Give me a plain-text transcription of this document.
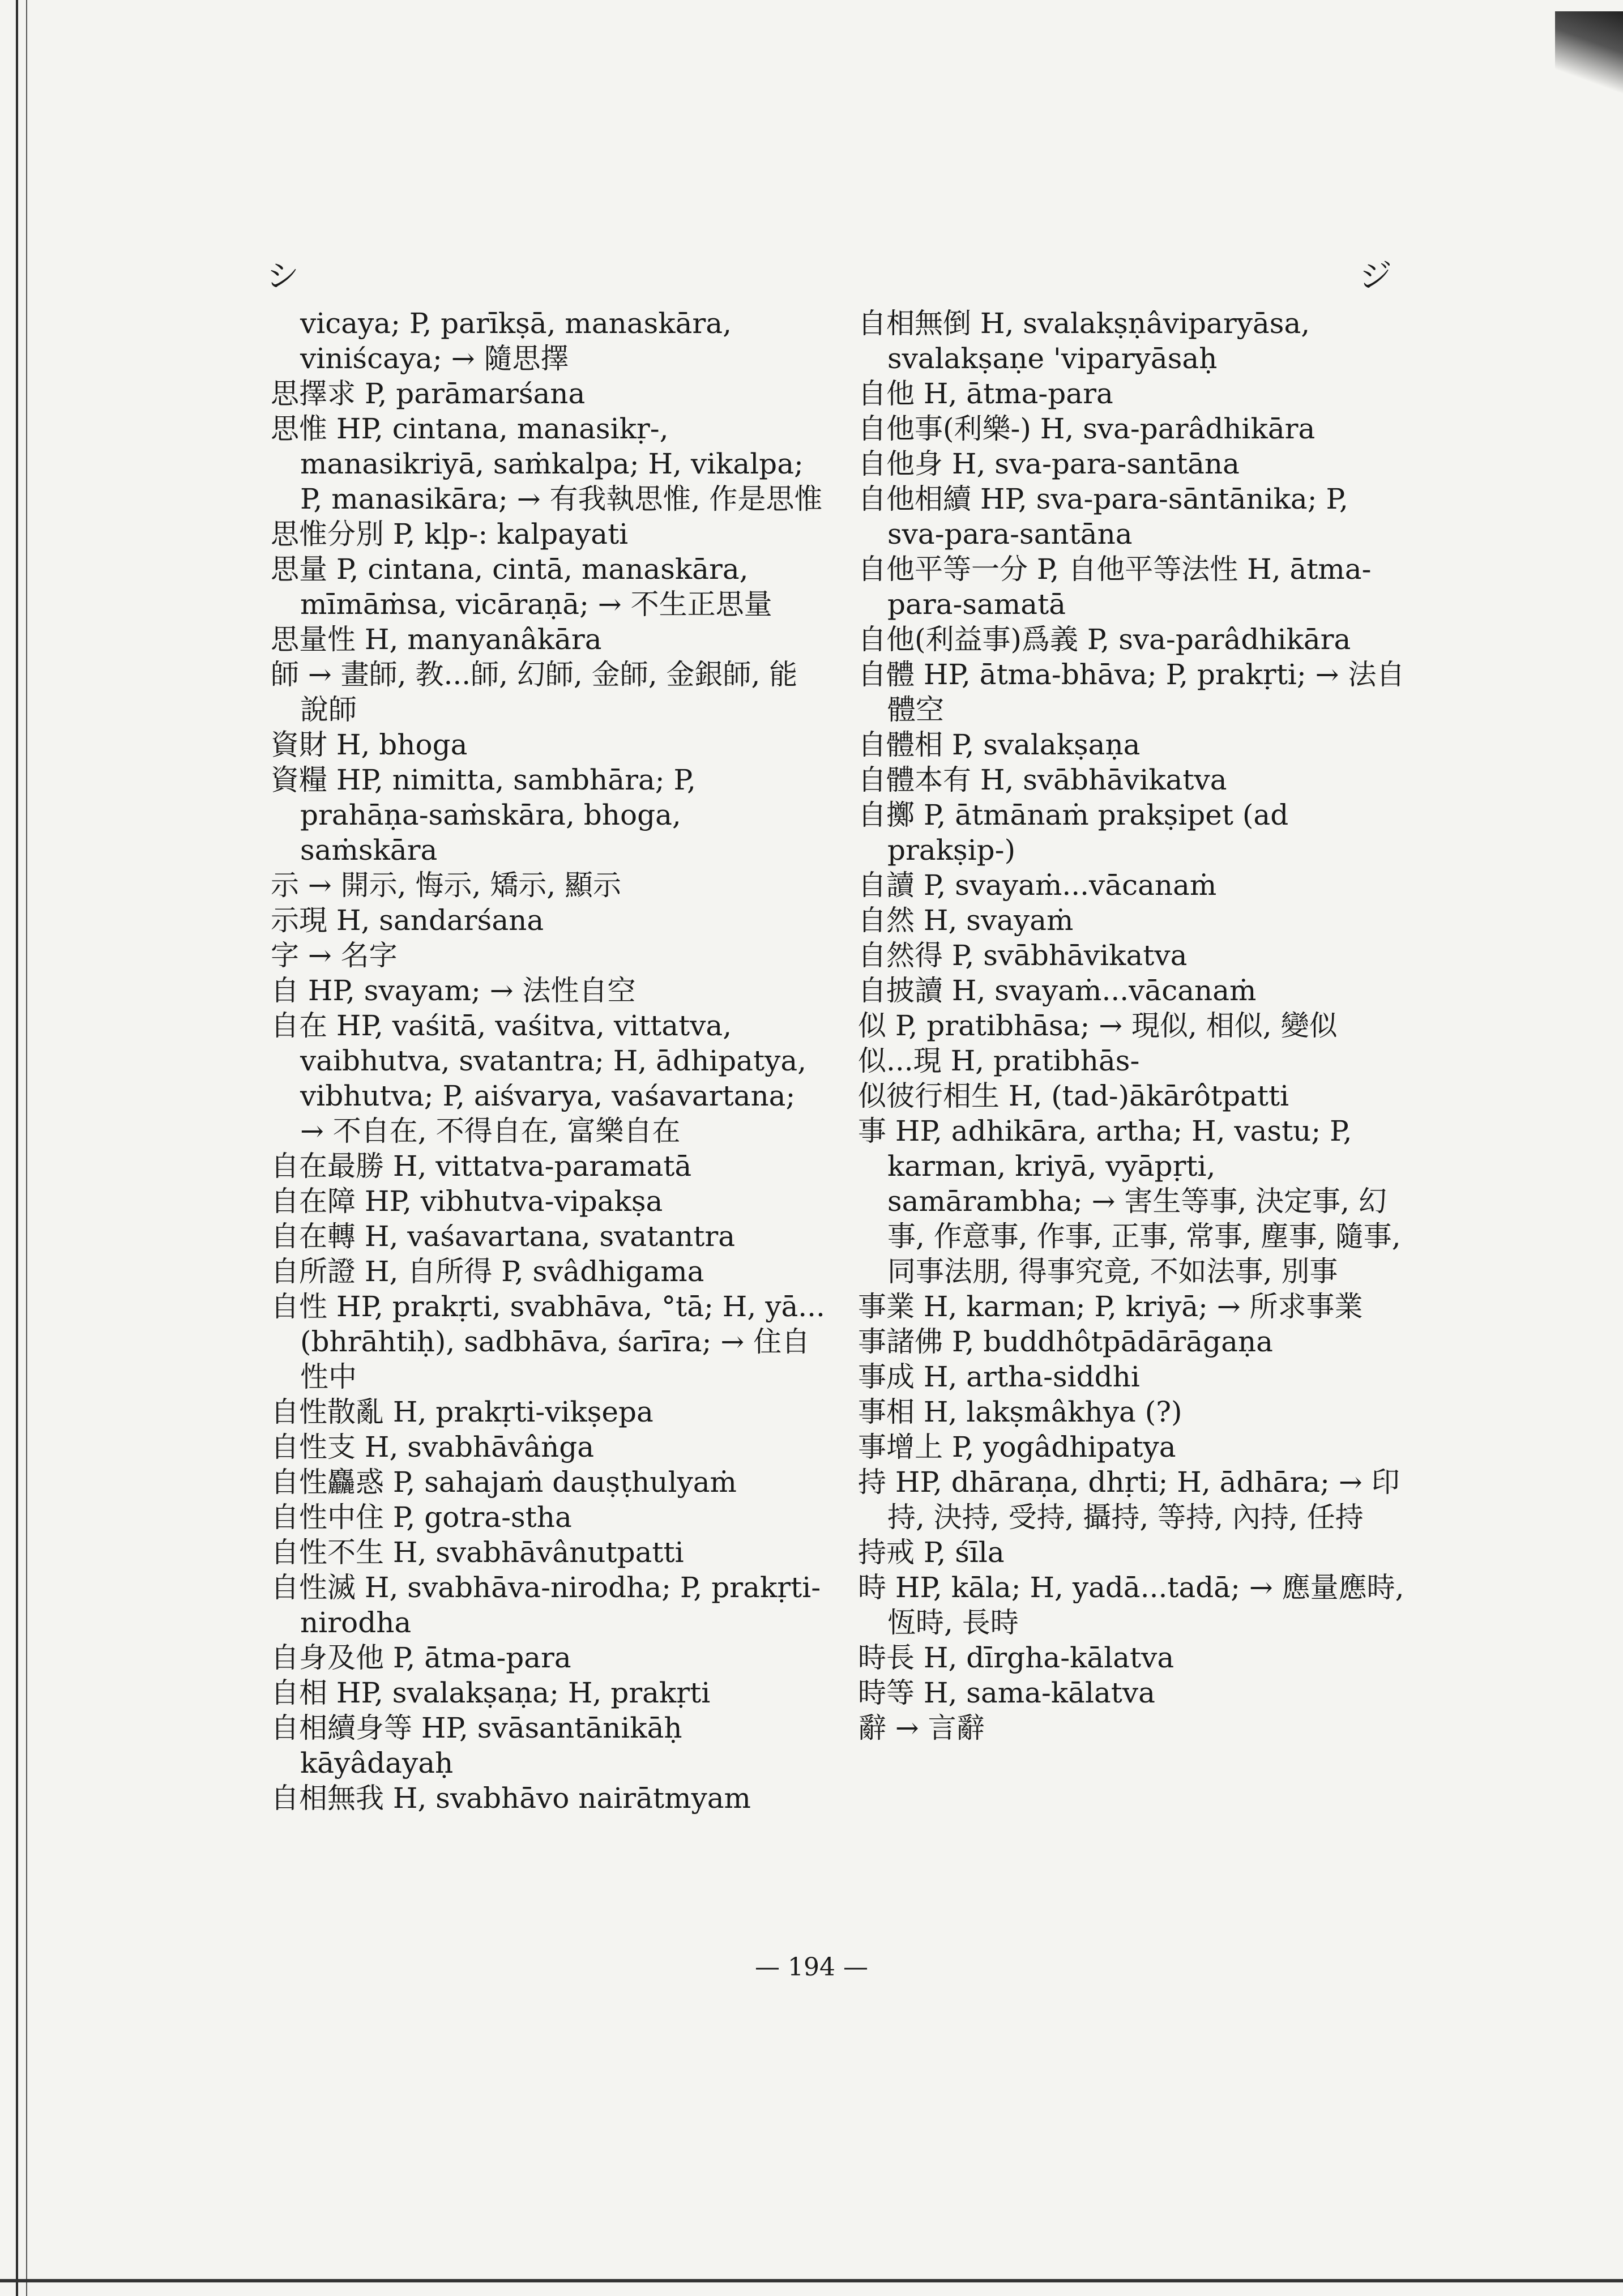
シ	ジ
vicaya; P, parīkṣā, manaskāra, viniścaya; → 隨思擇
思擇求 P, parāmarśana
思惟 HP, cintana, manasikṛ-, manasikriyā, saṁkalpa; H, vikalpa; P, manasikāra; → 有我執思惟, 作是思惟
思惟分別 P, kḷp-: kalpayati
思量 P, cintana, cintā, manaskāra, mīmāṁsa, vicāraṇā; → 不生正思量
思量性 H, manyanâkāra
師 → 畫師, 教...師, 幻師, 金師, 金銀師, 能說師
資財 H, bhoga
資糧 HP, nimitta, sambhāra; P, prahāṇa-saṁskāra, bhoga, saṁskāra
示 → 開示, 悔示, 矯示, 顯示
示現 H, sandarśana
字 → 名字
自 HP, svayam; → 法性自空
自在 HP, vaśitā, vaśitva, vittatva, vaibhutva, svatantra; H, ādhipatya, vibhutva; P, aiśvarya, vaśavartana; → 不自在, 不得自在, 富樂自在
自在最勝 H, vittatva-paramatā
自在障 HP, vibhutva-vipakṣa
自在轉 H, vaśavartana, svatantra
自所證 H, 自所得 P, svâdhigama
自性 HP, prakṛti, svabhāva, °tā; H, yā...(bhrāhtiḥ), sadbhāva, śarīra; → 住自性中
自性散亂 H, prakṛti-vikṣepa
自性支 H, svabhāvâṅga
自性麤惑 P, sahajaṁ dauṣṭhulyaṁ
自性中住 P, gotra-stha
自性不生 H, svabhāvânutpatti
自性滅 H, svabhāva-nirodha; P, prakṛti-nirodha
自身及他 P, ātma-para
自相 HP, svalakṣaṇa; H, prakṛti
自相續身等 HP, svāsantānikāḥ kāyâdayaḥ
自相無我 H, svabhāvo nairātmyam
自相無倒 H, svalakṣṇâviparyāsa, svalakṣaṇe 'viparyāsaḥ
自他 H, ātma-para
自他事(利樂-) H, sva-parâdhikāra
自他身 H, sva-para-santāna
自他相續 HP, sva-para-sāntānika; P, sva-para-santāna
自他平等一分 P, 自他平等法性 H, ātma-para-samatā
自他(利益事)爲義 P, sva-parâdhikāra
自體 HP, ātma-bhāva; P, prakṛti; → 法自體空
自體相 P, svalakṣaṇa
自體本有 H, svābhāvikatva
自擲 P, ātmānaṁ prakṣipet (ad prakṣip-)
自讀 P, svayaṁ...vācanaṁ
自然 H, svayaṁ
自然得 P, svābhāvikatva
自披讀 H, svayaṁ...vācanaṁ
似 P, pratibhāsa; → 現似, 相似, 變似
似...現 H, pratibhās-
似彼行相生 H, (tad-)ākārôtpatti
事 HP, adhikāra, artha; H, vastu; P, karman, kriyā, vyāpṛti, samārambha; → 害生等事, 決定事, 幻事, 作意事, 作事, 正事, 常事, 塵事, 隨事, 同事法朋, 得事究竟, 不如法事, 別事
事業 H, karman; P, kriyā; → 所求事業
事諸佛 P, buddhôtpādārāgaṇa
事成 H, artha-siddhi
事相 H, lakṣmâkhya (?)
事增上 P, yogâdhipatya
持 HP, dhāraṇa, dhṛti; H, ādhāra; → 印持, 決持, 受持, 攝持, 等持, 內持, 任持
持戒 P, śīla
時 HP, kāla; H, yadā...tadā; → 應量應時, 恆時, 長時
時長 H, dīrgha-kālatva
時等 H, sama-kālatva
辭 → 言辭
— 194 —
